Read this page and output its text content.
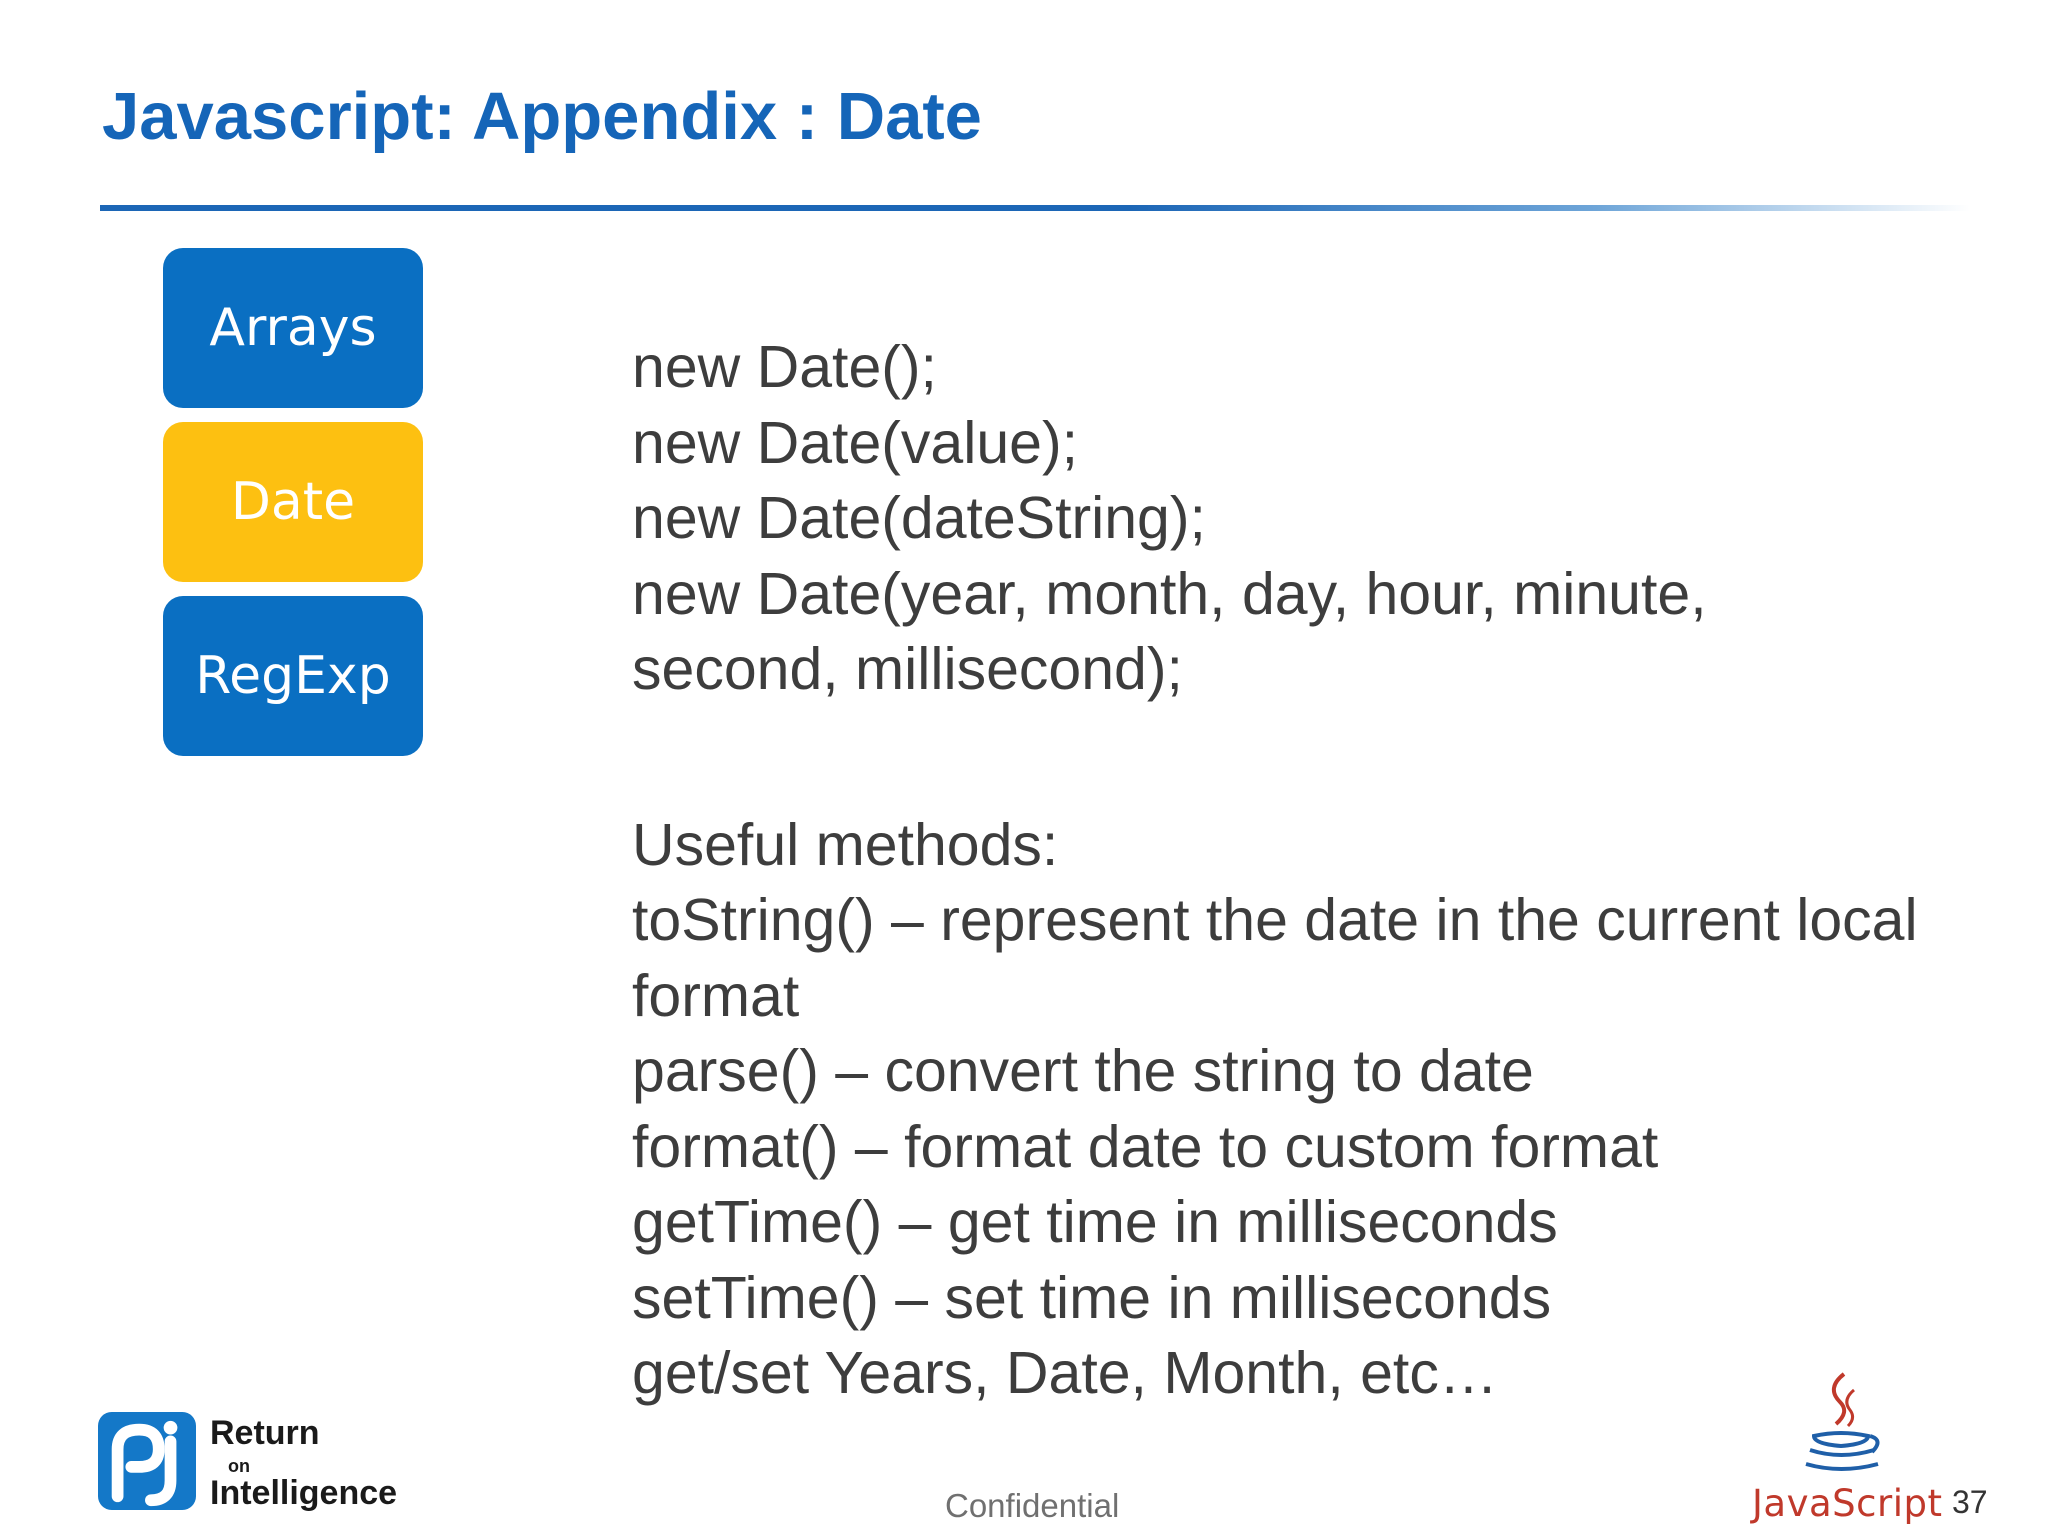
Javascript: Appendix : Date
Arrays
Date
RegExp
new Date();
new Date(value);
new Date(dateString);
new Date(year, month, day, hour, minute,
second, millisecond);
Useful methods:
toString() – represent the date in the current local
format
parse() – convert the string to date
format() – format date to custom format
getTime() – get time in milliseconds
setTime() – set time in milliseconds
get/set Years, Date, Month, etc…
Return
on
Intelligence	Confidential	JavaScript 37
